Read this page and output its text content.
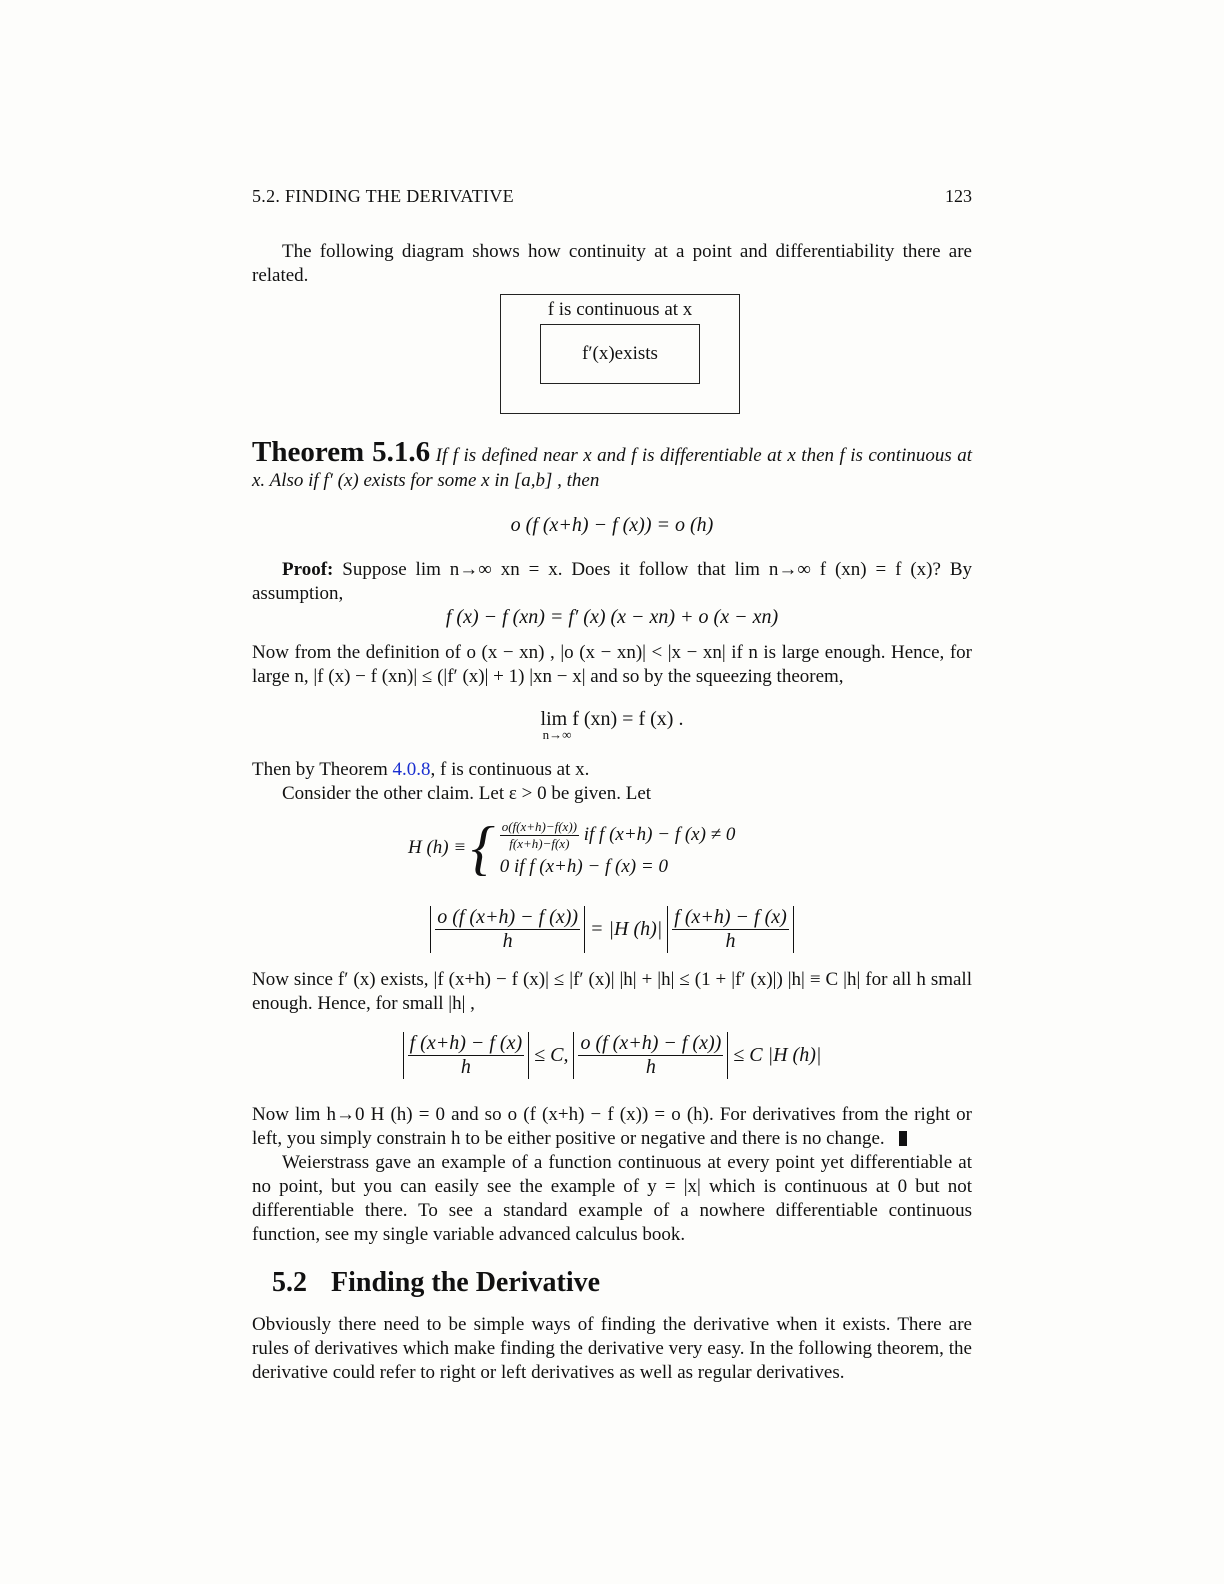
5.2. FINDING THE DERIVATIVE	123
The following diagram shows how continuity at a point and differentiability there are related.
f is continuous at x
f′(x)exists
Theorem 5.1.6 If f is defined near x and f is differentiable at x then f is continuous at x. Also if f′ (x) exists for some x in [a,b] , then
o (f (x+h) − f (x)) = o (h)
Proof: Suppose lim n→∞ xn = x. Does it follow that lim n→∞ f (xn) = f (x)? By assumption,
f (x) − f (xn) = f′ (x) (x − xn) + o (x − xn)
Now from the definition of o (x − xn) , |o (x − xn)| < |x − xn| if n is large enough. Hence, for large n, |f (x) − f (xn)| ≤ (|f′ (x)| + 1) |xn − x| and so by the squeezing theorem,
lim f (xn) = f (x) .
n→∞
Then by Theorem 4.0.8, f is continuous at x.
Consider the other claim. Let ε > 0 be given. Let
H (h) ≡ { $\frac{o(f(x+h)-f(x))}{f(x+h)-f(x)}$ if f (x+h) − f (x) ≠ 0
0 if f (x+h) − f (x) = 0
$\frac{o (f (x+h) - f (x))}{h} = |H$ $(h)| \frac{f (x+h) - f (x)}{h}$
Now since f′ (x) exists, |f (x+h) − f (x)| ≤ |f′ (x)| |h| + |h| ≤ (1 + |f′ (x)|) |h| ≡ C |h| for all h small enough. Hence, for small |h| ,
$\frac{f (x+h) - f (x)}{h} \le C$, $\frac{o (f (x+h) - f (x))}{h} \le C$ |H (h)|
Now lim h→0 H (h) = 0 and so o (f (x+h) − f (x)) = o (h). For derivatives from the right or left, you simply constrain h to be either positive or negative and there is no change.
Weierstrass gave an example of a function continuous at every point yet differentiable at no point, but you can easily see the example of y = |x| which is continuous at 0 but not differentiable there. To see a standard example of a nowhere differentiable continuous function, see my single variable advanced calculus book.
5.2 Finding the Derivative
Obviously there need to be simple ways of finding the derivative when it exists. There are rules of derivatives which make finding the derivative very easy. In the following theorem, the derivative could refer to right or left derivatives as well as regular derivatives.
